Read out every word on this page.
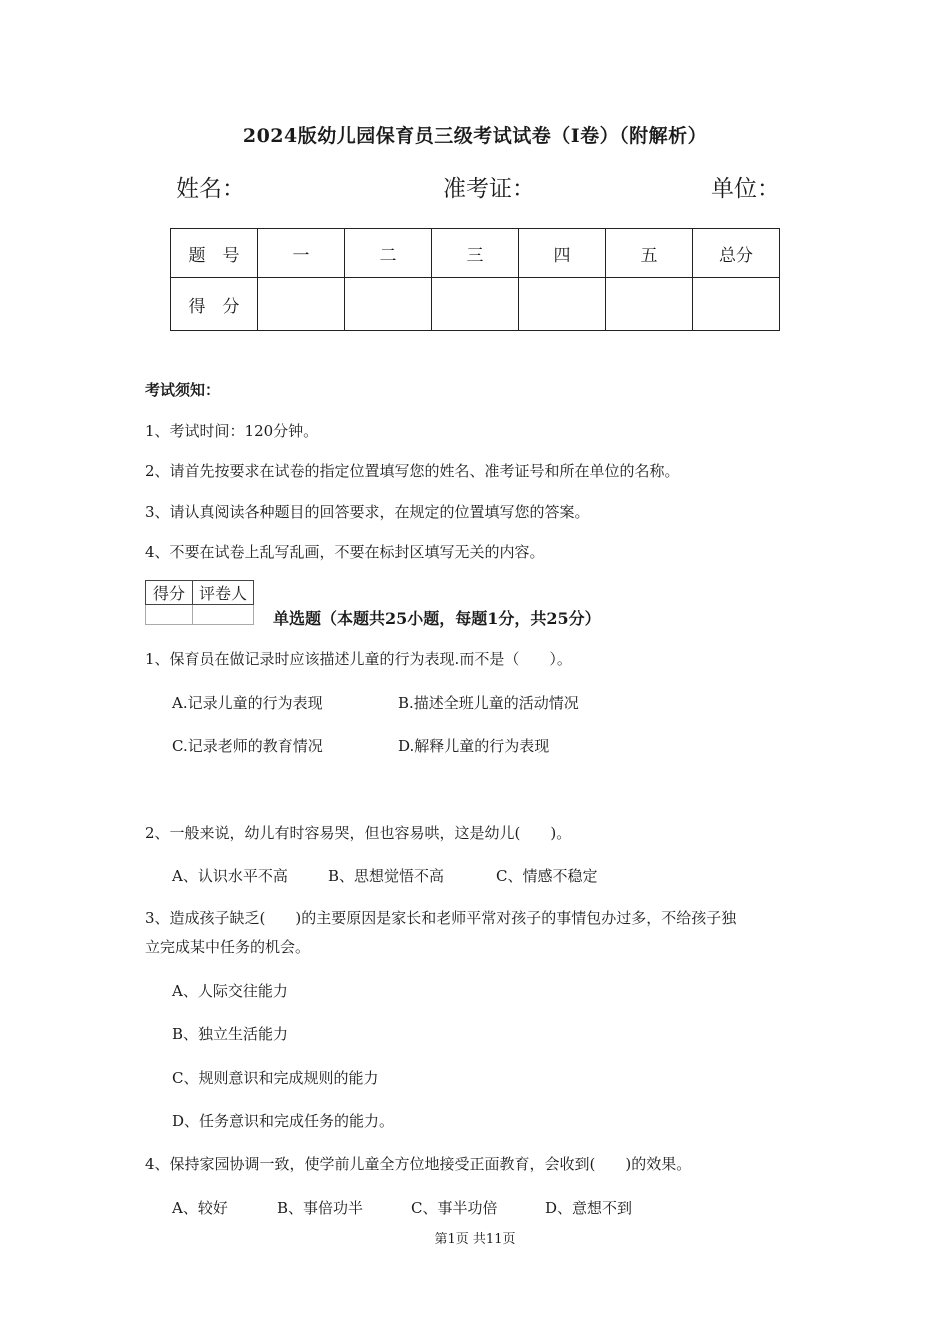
2024版幼儿园保育员三级考试试卷（I卷）（附解析）
姓名：	准考证：	单位：
题　号	一	二	三	四	五	总分
得　分						
考试须知：
1、考试时间：120分钟。
2、请首先按要求在试卷的指定位置填写您的姓名、准考证号和所在单位的名称。
3、请认真阅读各种题目的回答要求，在规定的位置填写您的答案。
4、不要在试卷上乱写乱画，不要在标封区填写无关的内容。
得分	评卷人

单选题（本题共25小题，每题1分，共25分）
1、保育员在做记录时应该描述儿童的行为表现.而不是（　　）。
A.记录儿童的行为表现	B.描述全班儿童的活动情况
C.记录老师的教育情况	D.解释儿童的行为表现
2、一般来说，幼儿有时容易哭，但也容易哄，这是幼儿(　　)。
A、认识水平不高	B、思想觉悟不高	C、情感不稳定
3、造成孩子缺乏(　　)的主要原因是家长和老师平常对孩子的事情包办过多，不给孩子独
立完成某中任务的机会。
A、人际交往能力
B、独立生活能力
C、规则意识和完成规则的能力
D、任务意识和完成任务的能力。
4、保持家园协调一致，使学前儿童全方位地接受正面教育，会收到(　　)的效果。
A、较好	B、事倍功半	C、事半功倍	D、意想不到
第1页 共11页
